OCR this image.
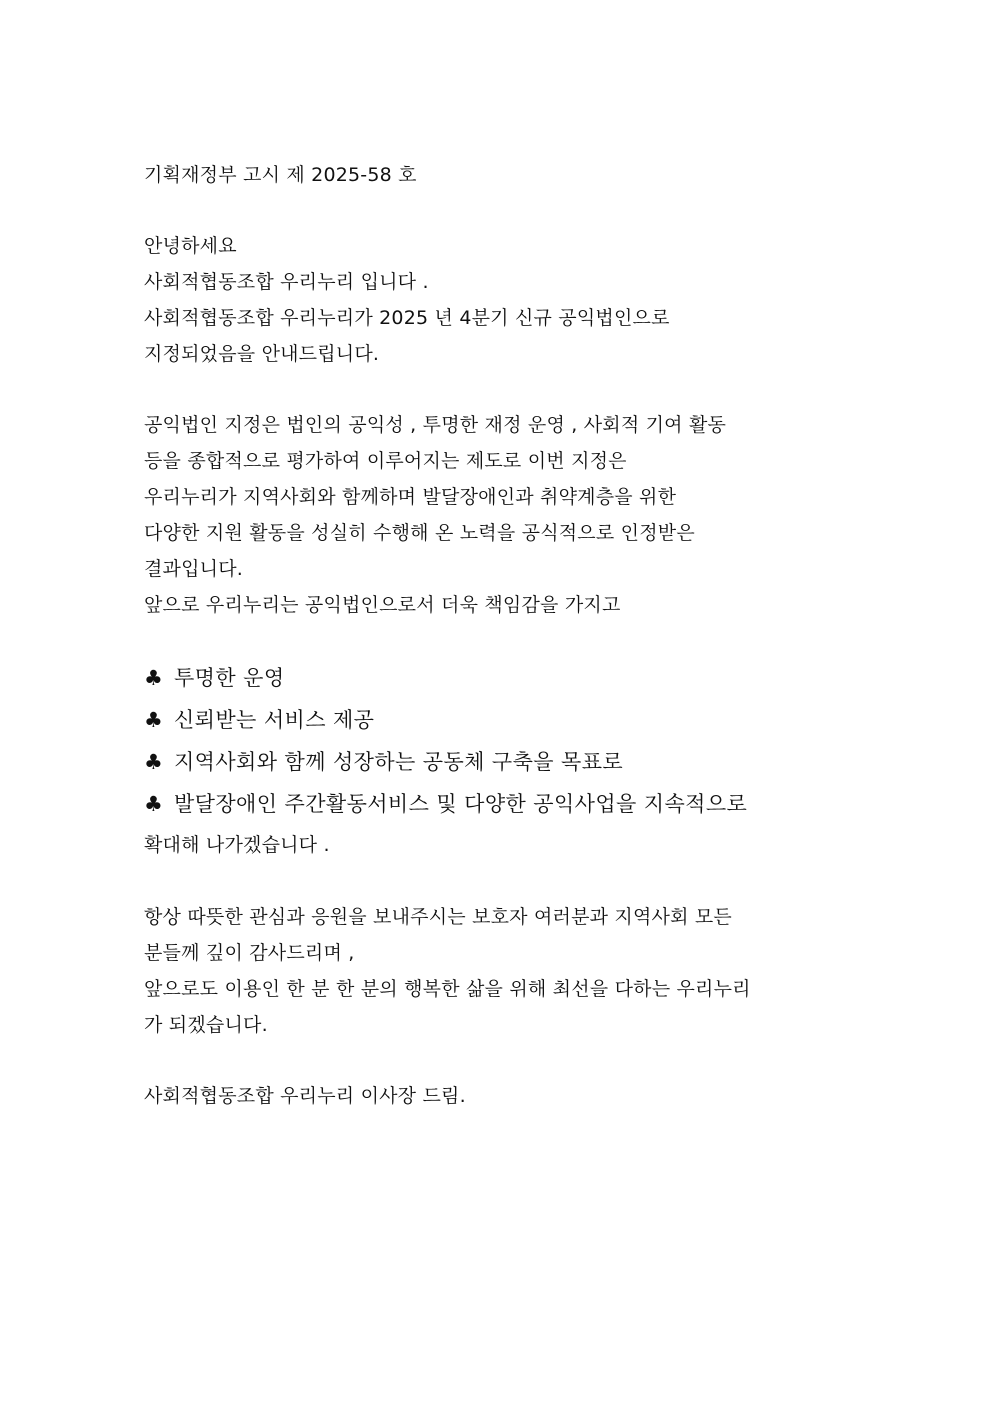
기획재정부 고시 제 2025-58 호
안녕하세요
사회적협동조합 우리누리 입니다 .
사회적협동조합 우리누리가 2025 년 4분기 신규 공익법인으로
지정되었음을 안내드립니다.
공익법인 지정은 법인의 공익성 , 투명한 재정 운영 , 사회적 기여 활동
등을 종합적으로 평가하여 이루어지는 제도로 이번 지정은
우리누리가 지역사회와 함께하며 발달장애인과 취약계층을 위한
다양한 지원 활동을 성실히 수행해 온 노력을 공식적으로 인정받은
결과입니다.
앞으로 우리누리는 공익법인으로서 더욱 책임감을 가지고
♣ 투명한 운영
♣ 신뢰받는 서비스 제공
♣ 지역사회와 함께 성장하는 공동체 구축을 목표로
♣ 발달장애인 주간활동서비스 및 다양한 공익사업을 지속적으로
확대해 나가겠습니다 .
항상 따뜻한 관심과 응원을 보내주시는 보호자 여러분과 지역사회 모든
분들께 깊이 감사드리며 ,
앞으로도 이용인 한 분 한 분의 행복한 삶을 위해 최선을 다하는 우리누리
가 되겠습니다.
사회적협동조합 우리누리 이사장 드림.
